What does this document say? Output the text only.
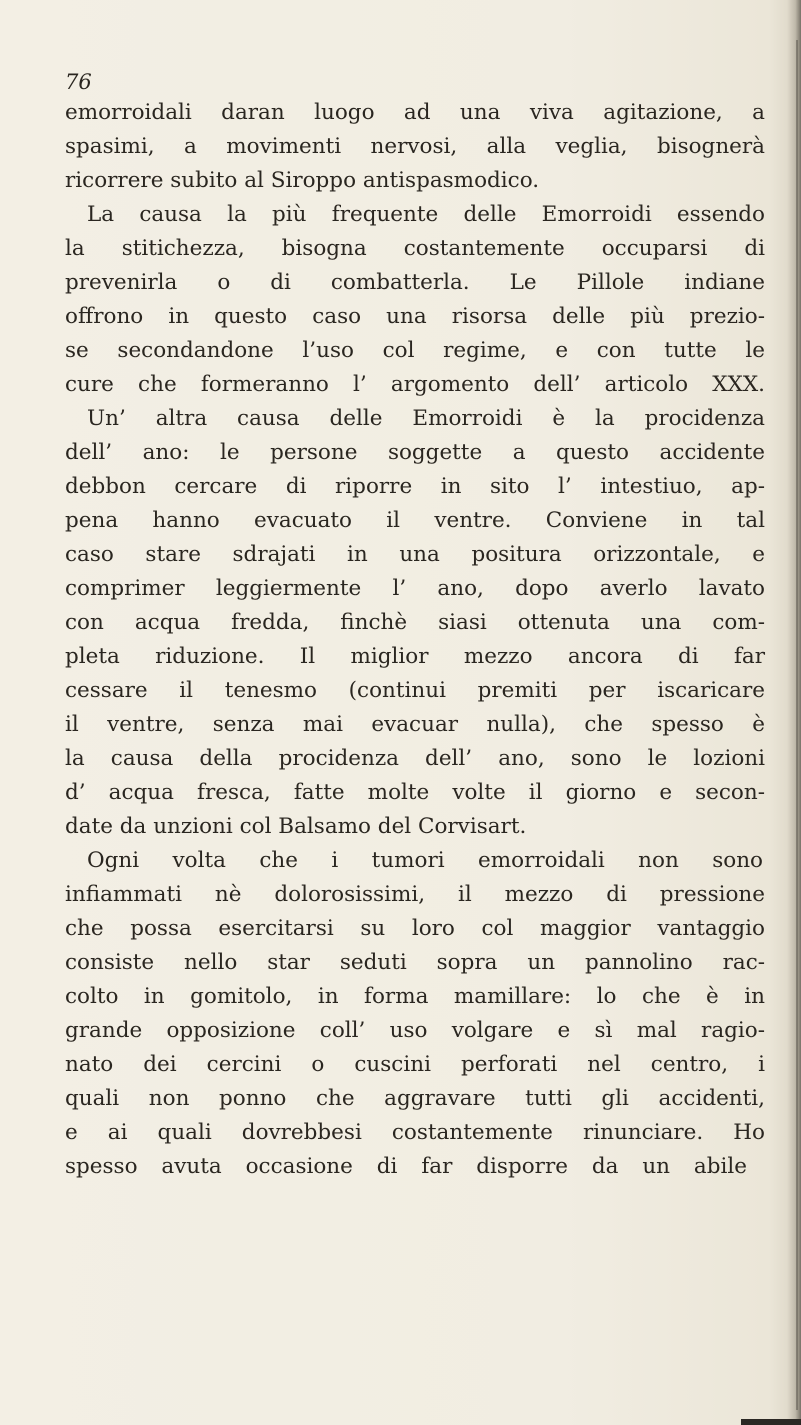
76
emorroidali daran luogo ad una viva agitazione, a
spasimi, a movimenti nervosi, alla veglia, bisognerà
ricorrere subito al Siroppo antispasmodico.
La causa la più frequente delle Emorroidi essendo
la stitichezza, bisogna costantemente occuparsi di
prevenirla o di combatterla. Le Pillole indiane
offrono in questo caso una risorsa delle più prezio-
se secondandone l’uso col regime, e con tutte le
cure che formeranno l’ argomento dell’ articolo XXX.
Un’ altra causa delle Emorroidi è la procidenza
dell’ ano: le persone soggette a questo accidente
debbon cercare di riporre in sito l’ intestiuo, ap-
pena hanno evacuato il ventre. Conviene in tal
caso stare sdrajati in una positura orizzontale, e
comprimer leggiermente l’ ano, dopo averlo lavato
con acqua fredda, finchè siasi ottenuta una com-
pleta riduzione. Il miglior mezzo ancora di far
cessare il tenesmo (continui premiti per iscaricare
il ventre, senza mai evacuar nulla), che spesso è
la causa della procidenza dell’ ano, sono le lozioni
d’ acqua fresca, fatte molte volte il giorno e secon-
date da unzioni col Balsamo del Corvisart.
Ogni volta che i tumori emorroidali non sono
infiammati nè dolorosissimi, il mezzo di pressione
che possa esercitarsi su loro col maggior vantaggio
consiste nello star seduti sopra un pannolino rac-
colto in gomitolo, in forma mamillare: lo che è in
grande opposizione coll’ uso volgare e sì mal ragio-
nato dei cercini o cuscini perforati nel centro, i
quali non ponno che aggravare tutti gli accidenti,
e ai quali dovrebbesi costantemente rinunciare. Ho
spesso avuta occasione di far disporre da un abile
